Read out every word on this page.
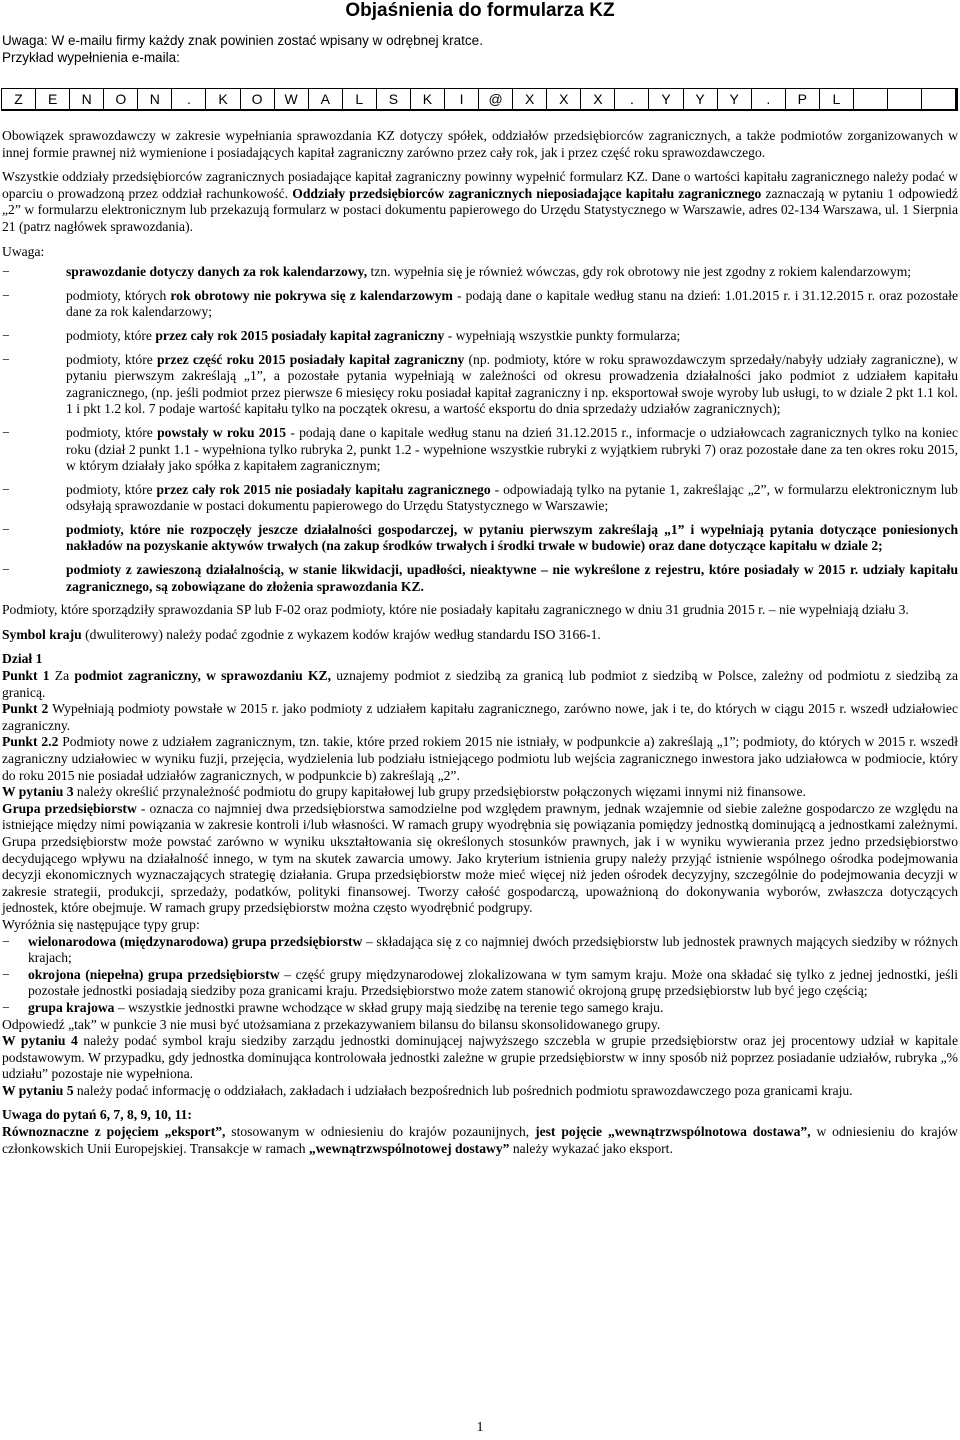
Objaśnienia do formularza KZ
Uwaga: W e-mailu firmy każdy znak powinien zostać wpisany w odrębnej kratce.
Przykład wypełnienia e-maila:
Z	E	N	O	N	.	K	O	W	A	L	S	K	I	@	X	X	X	.	Y	Y	Y	.	P	L

Obowiązek sprawozdawczy w zakresie wypełniania sprawozdania KZ dotyczy spółek, oddziałów przedsiębiorców zagranicznych, a także podmiotów zorganizowanych w innej formie prawnej niż wymienione i posiadających kapitał zagraniczny zarówno przez cały rok, jak i przez część roku sprawozdawczego.

Wszystkie oddziały przedsiębiorców zagranicznych posiadające kapitał zagraniczny powinny wypełnić formularz KZ. Dane o wartości kapitału zagranicznego należy podać w oparciu o prowadzoną przez oddział rachunkowość. Oddziały przedsiębiorców zagranicznych nieposiadające kapitału zagranicznego zaznaczają w pytaniu 1 odpowiedź „2” w formularzu elektronicznym lub przekazują formularz w postaci dokumentu papierowego do Urzędu Statystycznego w Warszawie, adres 02-134 Warszawa, ul. 1 Sierpnia 21 (patrz nagłówek sprawozdania).

Uwaga:

−	sprawozdanie dotyczy danych za rok kalendarzowy, tzn. wypełnia się je również wówczas, gdy rok obrotowy nie jest zgodny z rokiem kalendarzowym;
−	podmioty, których rok obrotowy nie pokrywa się z kalendarzowym - podają dane o kapitale według stanu na dzień: 1.01.2015 r. i 31.12.2015 r. oraz pozostałe dane za rok kalendarzowy;
−	podmioty, które przez cały rok 2015 posiadały kapitał zagraniczny - wypełniają wszystkie punkty formularza;
−	podmioty, które przez część roku 2015 posiadały kapitał zagraniczny (np. podmioty, które w roku sprawozdawczym sprzedały/nabyły udziały zagraniczne), w pytaniu pierwszym zakreślają „1”, a pozostałe pytania wypełniają w zależności od okresu prowadzenia działalności jako podmiot z udziałem kapitału zagranicznego, (np. jeśli podmiot przez pierwsze 6 miesięcy roku posiadał kapitał zagraniczny i np. eksportował swoje wyroby lub usługi, to w dziale 2 pkt 1.1 kol. 1 i pkt 1.2 kol. 7 podaje wartość kapitału tylko na początek okresu, a wartość eksportu do dnia sprzedaży udziałów zagranicznych);
−	podmioty, które powstały w roku 2015 - podają dane o kapitale według stanu na dzień 31.12.2015 r., informacje o udziałowcach zagranicznych tylko na koniec roku (dział 2 punkt 1.1 - wypełniona tylko rubryka 2, punkt 1.2 - wypełnione wszystkie rubryki z wyjątkiem rubryki 7) oraz pozostałe dane za ten okres roku 2015, w którym działały jako spółka z kapitałem zagranicznym;
−	podmioty, które przez cały rok 2015 nie posiadały kapitału zagranicznego - odpowiadają tylko na pytanie 1, zakreślając „2”, w formularzu elektronicznym lub odsyłają sprawozdanie w postaci dokumentu papierowego do Urzędu Statystycznego w Warszawie;
−	podmioty, które nie rozpoczęły jeszcze działalności gospodarczej, w pytaniu pierwszym zakreślają „1” i wypełniają pytania dotyczące poniesionych nakładów na pozyskanie aktywów trwałych (na zakup środków trwałych i środki trwałe w budowie) oraz dane dotyczące kapitału w dziale 2;
−	podmioty z zawieszoną działalnością, w stanie likwidacji, upadłości, nieaktywne – nie wykreślone z rejestru, które posiadały w 2015 r. udziały kapitału zagranicznego, są zobowiązane do złożenia sprawozdania KZ.

Podmioty, które sporządziły sprawozdania SP lub F-02 oraz podmioty, które nie posiadały kapitału zagranicznego w dniu 31 grudnia 2015 r. – nie wypełniają działu 3.

Symbol kraju (dwuliterowy) należy podać zgodnie z wykazem kodów krajów według standardu ISO 3166-1.

Dział 1

Punkt 1 Za podmiot zagraniczny, w sprawozdaniu KZ, uznajemy podmiot z siedzibą za granicą lub podmiot z siedzibą w Polsce, zależny od podmiotu z siedzibą za granicą.

Punkt 2 Wypełniają podmioty powstałe w 2015 r. jako podmioty z udziałem kapitału zagranicznego, zarówno nowe, jak i te, do których w ciągu 2015 r. wszedł udziałowiec zagraniczny.

Punkt 2.2 Podmioty nowe z udziałem zagranicznym, tzn. takie, które przed rokiem 2015 nie istniały, w podpunkcie a) zakreślają „1”; podmioty, do których w 2015 r. wszedł zagraniczny udziałowiec w wyniku fuzji, przejęcia, wydzielenia lub podziału istniejącego podmiotu lub wejścia zagranicznego inwestora jako udziałowca w podmiocie, który do roku 2015 nie posiadał udziałów zagranicznych, w podpunkcie b) zakreślają „2”.

W pytaniu 3 należy określić przynależność podmiotu do grupy kapitałowej lub grupy przedsiębiorstw połączonych więzami innymi niż finansowe.

Grupa przedsiębiorstw - oznacza co najmniej dwa przedsiębiorstwa samodzielne pod względem prawnym, jednak wzajemnie od siebie zależne gospodarczo ze względu na istniejące między nimi powiązania w zakresie kontroli i/lub własności. W ramach grupy wyodrębnia się powiązania pomiędzy jednostką dominującą a jednostkami zależnymi. Grupa przedsiębiorstw może powstać zarówno w wyniku ukształtowania się określonych stosunków prawnych, jak i w wyniku wywierania przez jedno przedsiębiorstwo decydującego wpływu na działalność innego, w tym na skutek zawarcia umowy. Jako kryterium istnienia grupy należy przyjąć istnienie wspólnego ośrodka podejmowania decyzji ekonomicznych wyznaczających strategię działania. Grupa przedsiębiorstw może mieć więcej niż jeden ośrodek decyzyjny, szczególnie do podejmowania decyzji w zakresie strategii, produkcji, sprzedaży, podatków, polityki finansowej. Tworzy całość gospodarczą, upoważnioną do dokonywania wyborów, zwłaszcza dotyczących jednostek, które obejmuje. W ramach grupy przedsiębiorstw można często wyodrębnić podgrupy.

Wyróżnia się następujące typy grup:

− wielonarodowa (międzynarodowa) grupa przedsiębiorstw – składająca się z co najmniej dwóch przedsiębiorstw lub jednostek prawnych mających siedziby w różnych krajach;
− okrojona (niepełna) grupa przedsiębiorstw – część grupy międzynarodowej zlokalizowana w tym samym kraju. Może ona składać się tylko z jednej jednostki, jeśli pozostałe jednostki posiadają siedziby poza granicami kraju. Przedsiębiorstwo może zatem stanowić okrojoną grupę przedsiębiorstw lub być jego częścią;
− grupa krajowa – wszystkie jednostki prawne wchodzące w skład grupy mają siedzibę na terenie tego samego kraju.

Odpowiedź „tak” w punkcie 3 nie musi być utożsamiana z przekazywaniem bilansu do bilansu skonsolidowanego grupy.

W pytaniu 4 należy podać symbol kraju siedziby zarządu jednostki dominującej najwyższego szczebla w grupie przedsiębiorstw oraz jej procentowy udział w kapitale podstawowym. W przypadku, gdy jednostka dominująca kontrolowała jednostki zależne w grupie przedsiębiorstw w inny sposób niż poprzez posiadanie udziałów, rubryka „% udziału” pozostaje nie wypełniona.

W pytaniu 5 należy podać informację o oddziałach, zakładach i udziałach bezpośrednich lub pośrednich podmiotu sprawozdawczego poza granicami kraju.

Uwaga do pytań 6, 7, 8, 9, 10, 11:

Równoznaczne z pojęciem „eksport”, stosowanym w odniesieniu do krajów pozaunijnych, jest pojęcie „wewnątrzwspólnotowa dostawa”, w odniesieniu do krajów członkowskich Unii Europejskiej. Transakcje w ramach „wewnątrzwspólnotowej dostawy” należy wykazać jako eksport.

1
